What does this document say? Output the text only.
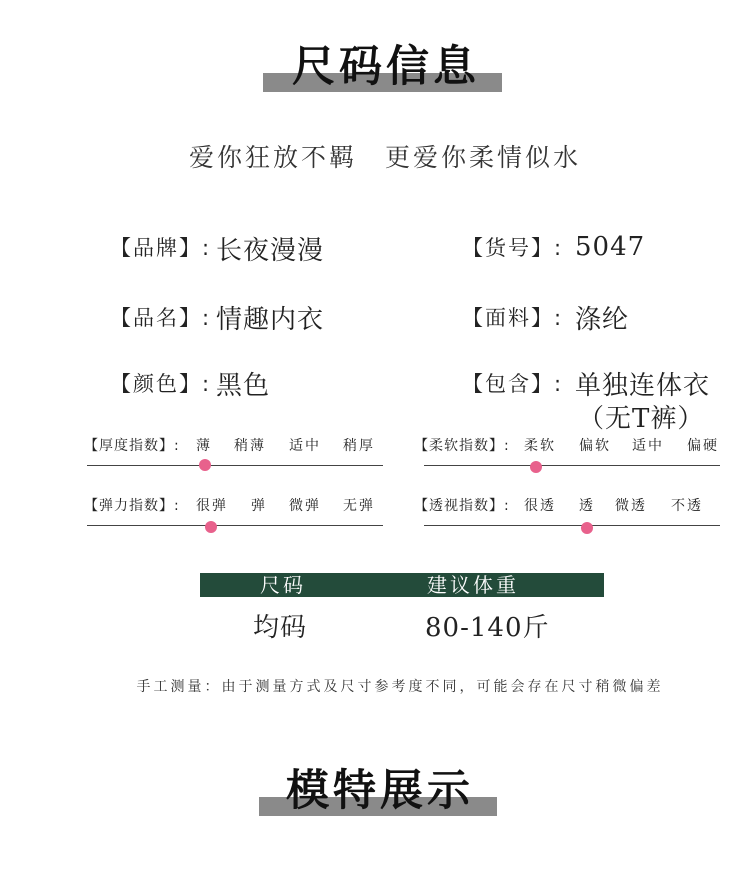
尺码信息
爱你狂放不羁　更爱你柔情似水
【品牌】: 长夜漫漫	【货号】: 5047
【品名】: 情趣内衣	【面料】: 涤纶
【颜色】: 黑色	【包含】: 单独连体衣
（无T裤）
【厚度指数】: 薄 稍薄 适中 稍厚	【柔软指数】: 柔软 偏软 适中 偏硬
【弹力指数】: 很弹 弹 微弹 无弹	【透视指数】: 很透 透 微透 不透
尺码	建议体重
均码	80-140斤
手工测量：由于测量方式及尺寸参考度不同，可能会存在尺寸稍微偏差
模特展示
